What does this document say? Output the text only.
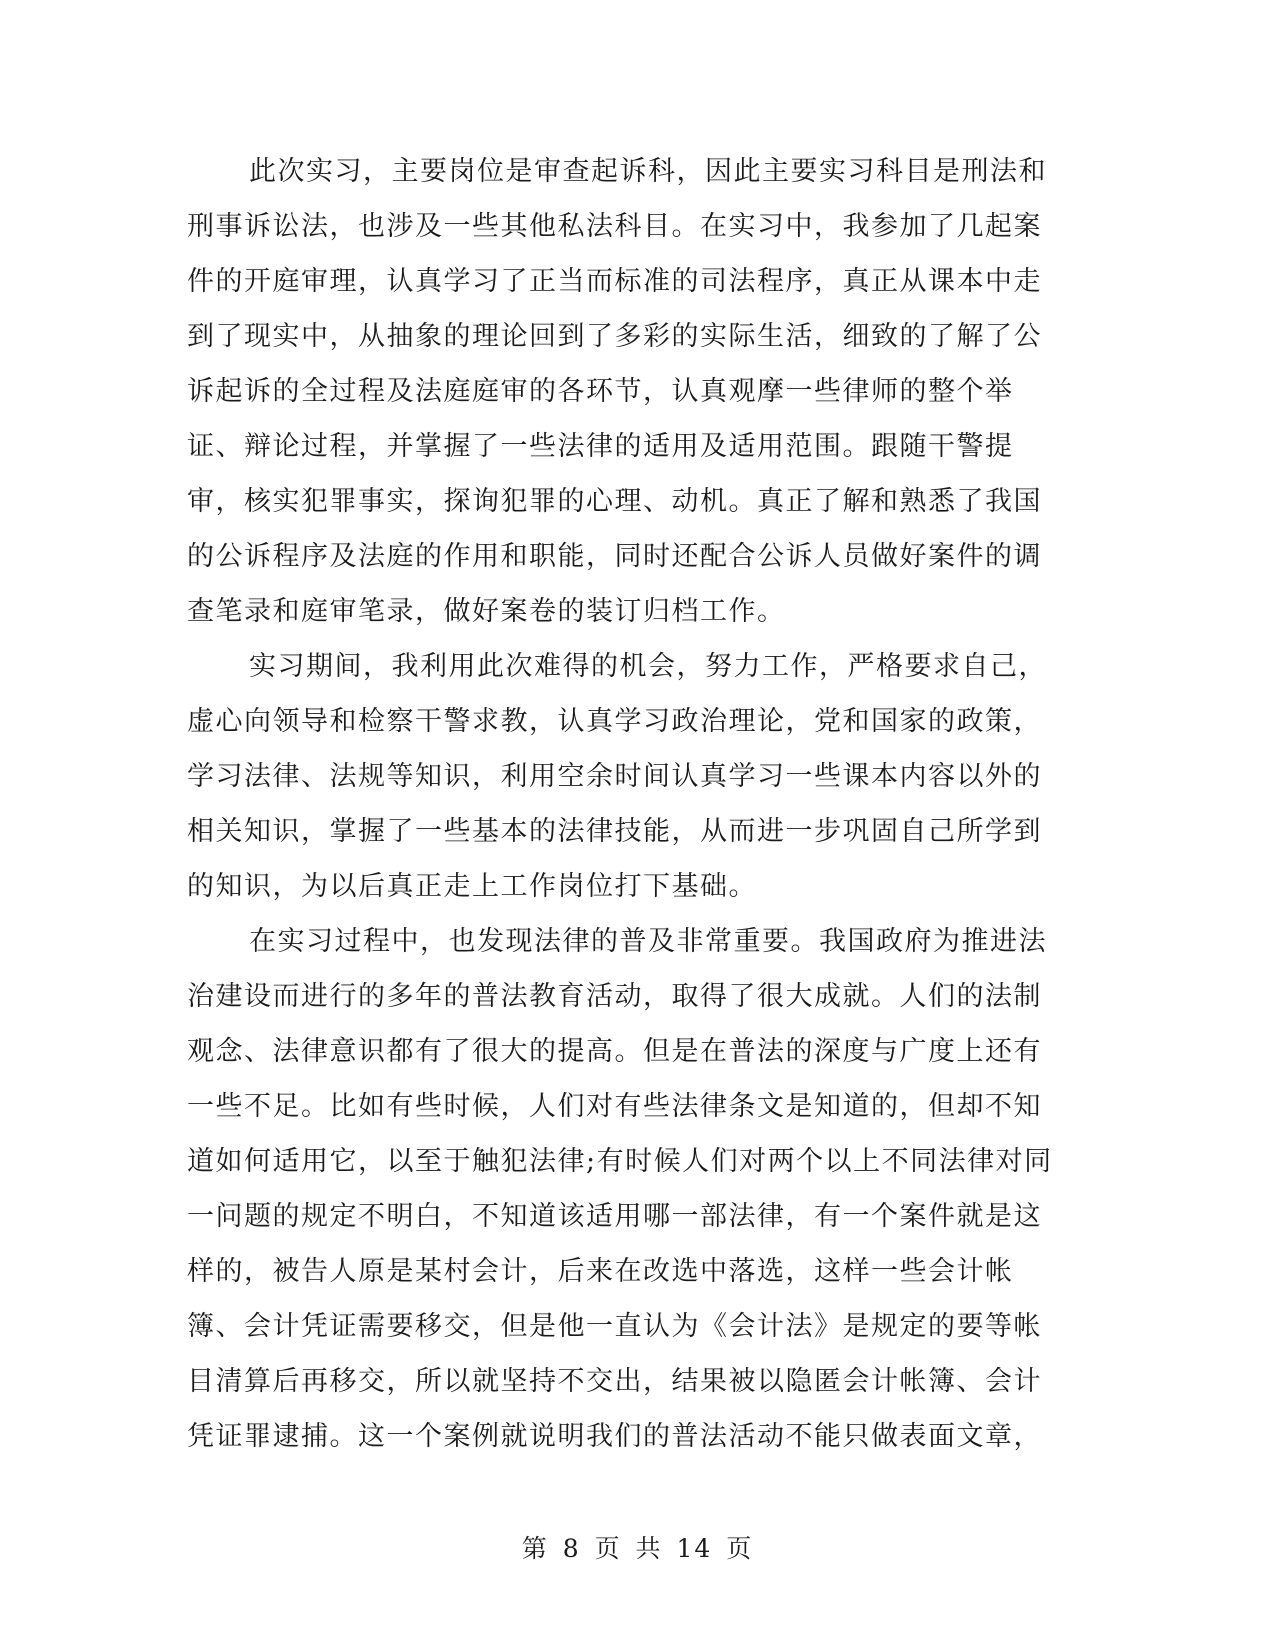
此次实习，主要岗位是审查起诉科，因此主要实习科目是刑法和
刑事诉讼法，也涉及一些其他私法科目。在实习中，我参加了几起案
件的开庭审理，认真学习了正当而标准的司法程序，真正从课本中走
到了现实中，从抽象的理论回到了多彩的实际生活，细致的了解了公
诉起诉的全过程及法庭庭审的各环节，认真观摩一些律师的整个举
证、辩论过程，并掌握了一些法律的适用及适用范围。跟随干警提
审，核实犯罪事实，探询犯罪的心理、动机。真正了解和熟悉了我国
的公诉程序及法庭的作用和职能，同时还配合公诉人员做好案件的调
查笔录和庭审笔录，做好案卷的装订归档工作。
实习期间，我利用此次难得的机会，努力工作，严格要求自己，
虚心向领导和检察干警求教，认真学习政治理论，党和国家的政策，
学习法律、法规等知识，利用空余时间认真学习一些课本内容以外的
相关知识，掌握了一些基本的法律技能，从而进一步巩固自己所学到
的知识，为以后真正走上工作岗位打下基础。
在实习过程中，也发现法律的普及非常重要。我国政府为推进法
治建设而进行的多年的普法教育活动，取得了很大成就。人们的法制
观念、法律意识都有了很大的提高。但是在普法的深度与广度上还有
一些不足。比如有些时候，人们对有些法律条文是知道的，但却不知
道如何适用它，以至于触犯法律;有时候人们对两个以上不同法律对同
一问题的规定不明白，不知道该适用哪一部法律，有一个案件就是这
样的，被告人原是某村会计，后来在改选中落选，这样一些会计帐
簿、会计凭证需要移交，但是他一直认为《会计法》是规定的要等帐
目清算后再移交，所以就坚持不交出，结果被以隐匿会计帐簿、会计
凭证罪逮捕。这一个案例就说明我们的普法活动不能只做表面文章，
第 8 页 共 14 页
